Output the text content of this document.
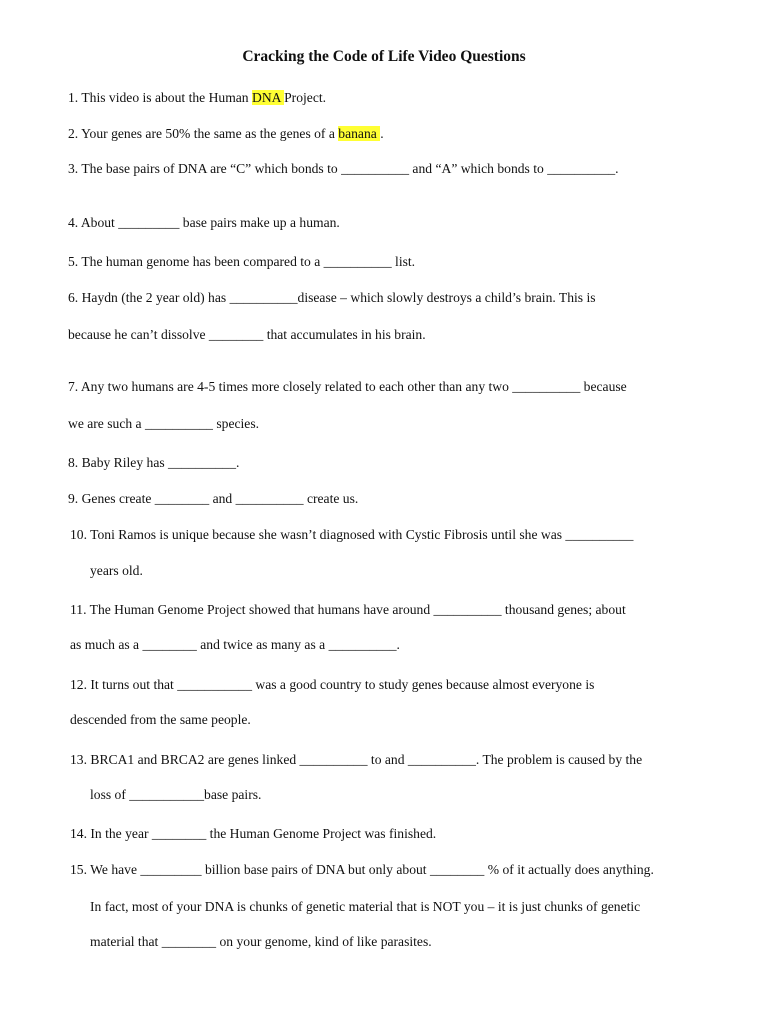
Cracking the Code of Life Video Questions
1. This video is about the Human DNA Project.
2. Your genes are 50% the same as the genes of a banana .
3. The base pairs of DNA are “C” which bonds to __________ and “A” which bonds to __________.
4. About _________ base pairs make up a human.
5. The human genome has been compared to a __________ list.
6. Haydn (the 2 year old) has __________disease – which slowly destroys a child’s brain. This is
because he can’t dissolve ________ that accumulates in his brain.
7. Any two humans are 4-5 times more closely related to each other than any two __________ because
we are such a __________ species.
8. Baby Riley has __________.
9. Genes create ________ and __________ create us.
10. Toni Ramos is unique because she wasn’t diagnosed with Cystic Fibrosis until she was __________
years old.
11. The Human Genome Project showed that humans have around __________ thousand genes; about
as much as a ________ and twice as many as a __________.
12. It turns out that ___________ was a good country to study genes because almost everyone is
descended from the same people.
13. BRCA1 and BRCA2 are genes linked __________ to and __________. The problem is caused by the
loss of ___________base pairs.
14. In the year ________ the Human Genome Project was finished.
15. We have _________ billion base pairs of DNA but only about ________ % of it actually does anything.
In fact, most of your DNA is chunks of genetic material that is NOT you – it is just chunks of genetic
material that ________ on your genome, kind of like parasites.
